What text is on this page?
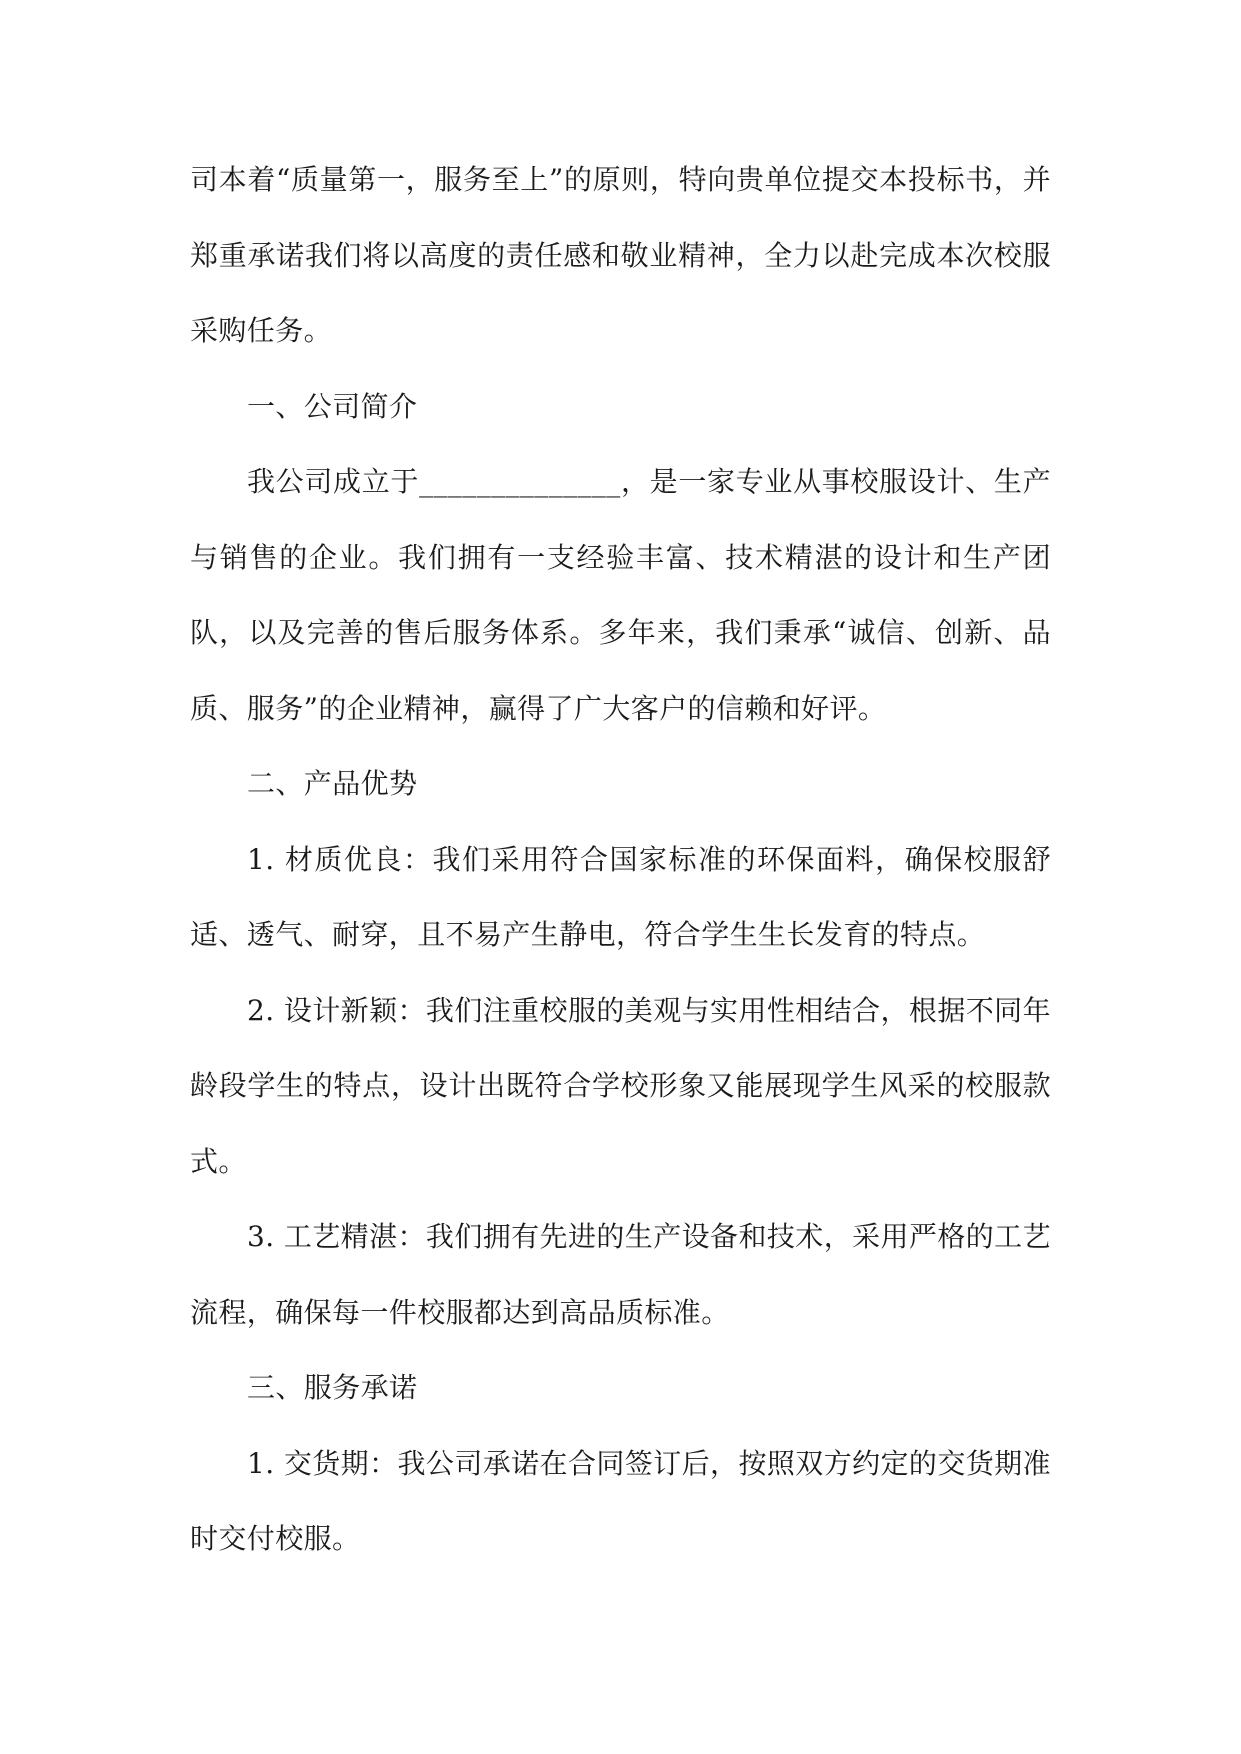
司本着“质量第一，服务至上”的原则，特向贵单位提交本投标书，并郑重承诺我们将以高度的责任感和敬业精神，全力以赴完成本次校服采购任务。

一、公司简介

我公司成立于______________，是一家专业从事校服设计、生产与销售的企业。我们拥有一支经验丰富、技术精湛的设计和生产团队，以及完善的售后服务体系。多年来，我们秉承“诚信、创新、品质、服务”的企业精神，赢得了广大客户的信赖和好评。

二、产品优势

1. 材质优良：我们采用符合国家标准的环保面料，确保校服舒适、透气、耐穿，且不易产生静电，符合学生生长发育的特点。

2. 设计新颖：我们注重校服的美观与实用性相结合，根据不同年龄段学生的特点，设计出既符合学校形象又能展现学生风采的校服款式。

3. 工艺精湛：我们拥有先进的生产设备和技术，采用严格的工艺流程，确保每一件校服都达到高品质标准。

三、服务承诺

1. 交货期：我公司承诺在合同签订后，按照双方约定的交货期准时交付校服。
